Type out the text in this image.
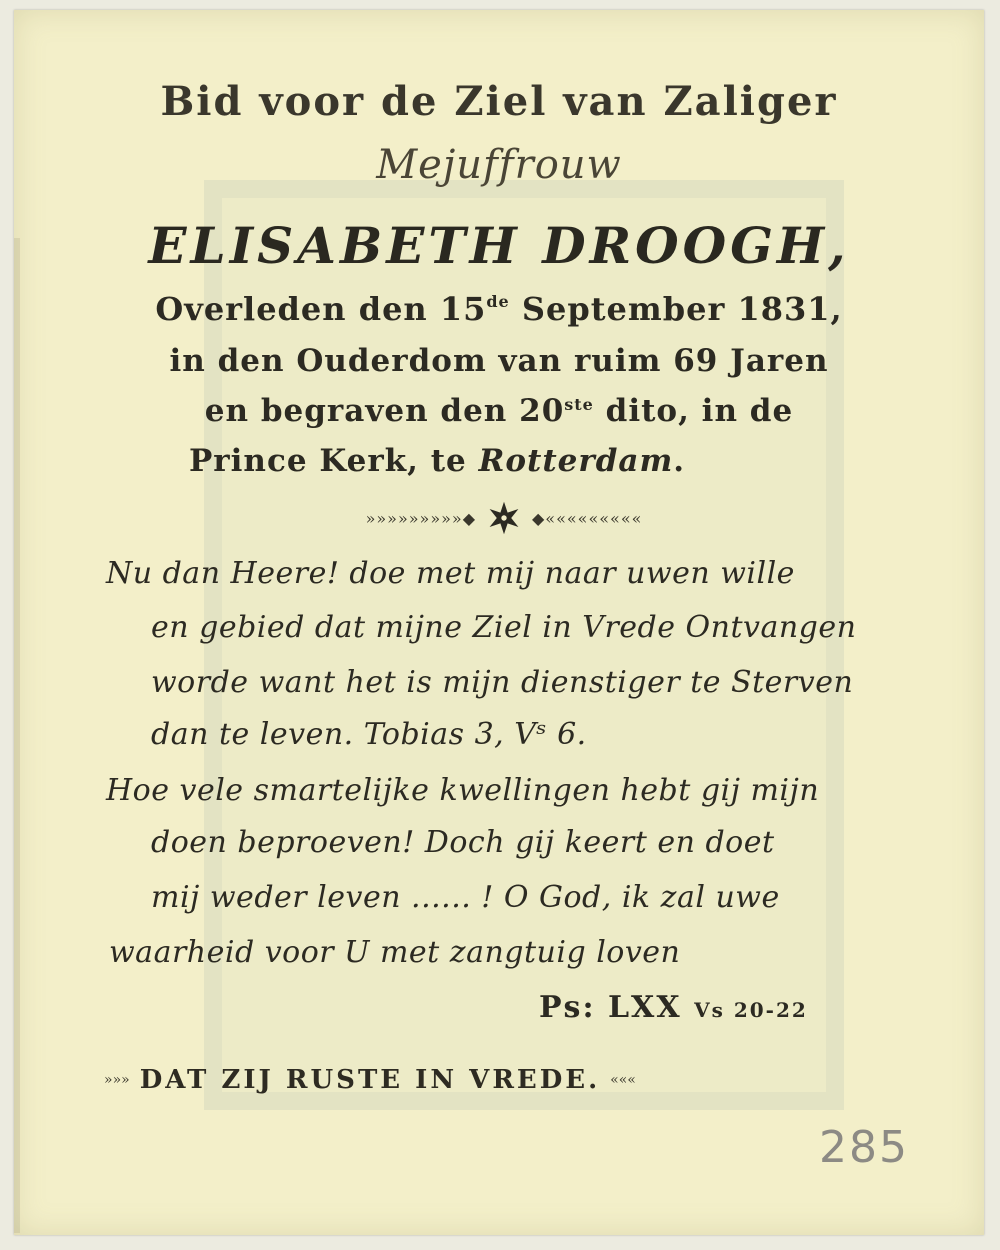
Bid voor de Ziel van Zaliger
Mejuffrouw
ELISABETH DROOGH,
Overleden den 15de September 1831,
in den Ouderdom van ruim 69 Jaren
en begraven den 20ste dito, in de
Prince Kerk, te Rotterdam.
»»»»»»»»»◆	◆«««««««««
Nu dan Heere! doe met mij naar uwen wille
en gebied dat mijne Ziel in Vrede Ontvangen
worde want het is mijn dienstiger te Sterven
dan te leven. Tobias 3, Vˢ 6.
Hoe vele smartelijke kwellingen hebt gij mijn
doen beproeven! Doch gij keert en doet
mij weder leven ...... ! O God, ik zal uwe
waarheid voor U met zangtuig loven
Ps: LXX Vs 20-22
»»» DAT ZIJ RUSTE IN VREDE. «««
285
